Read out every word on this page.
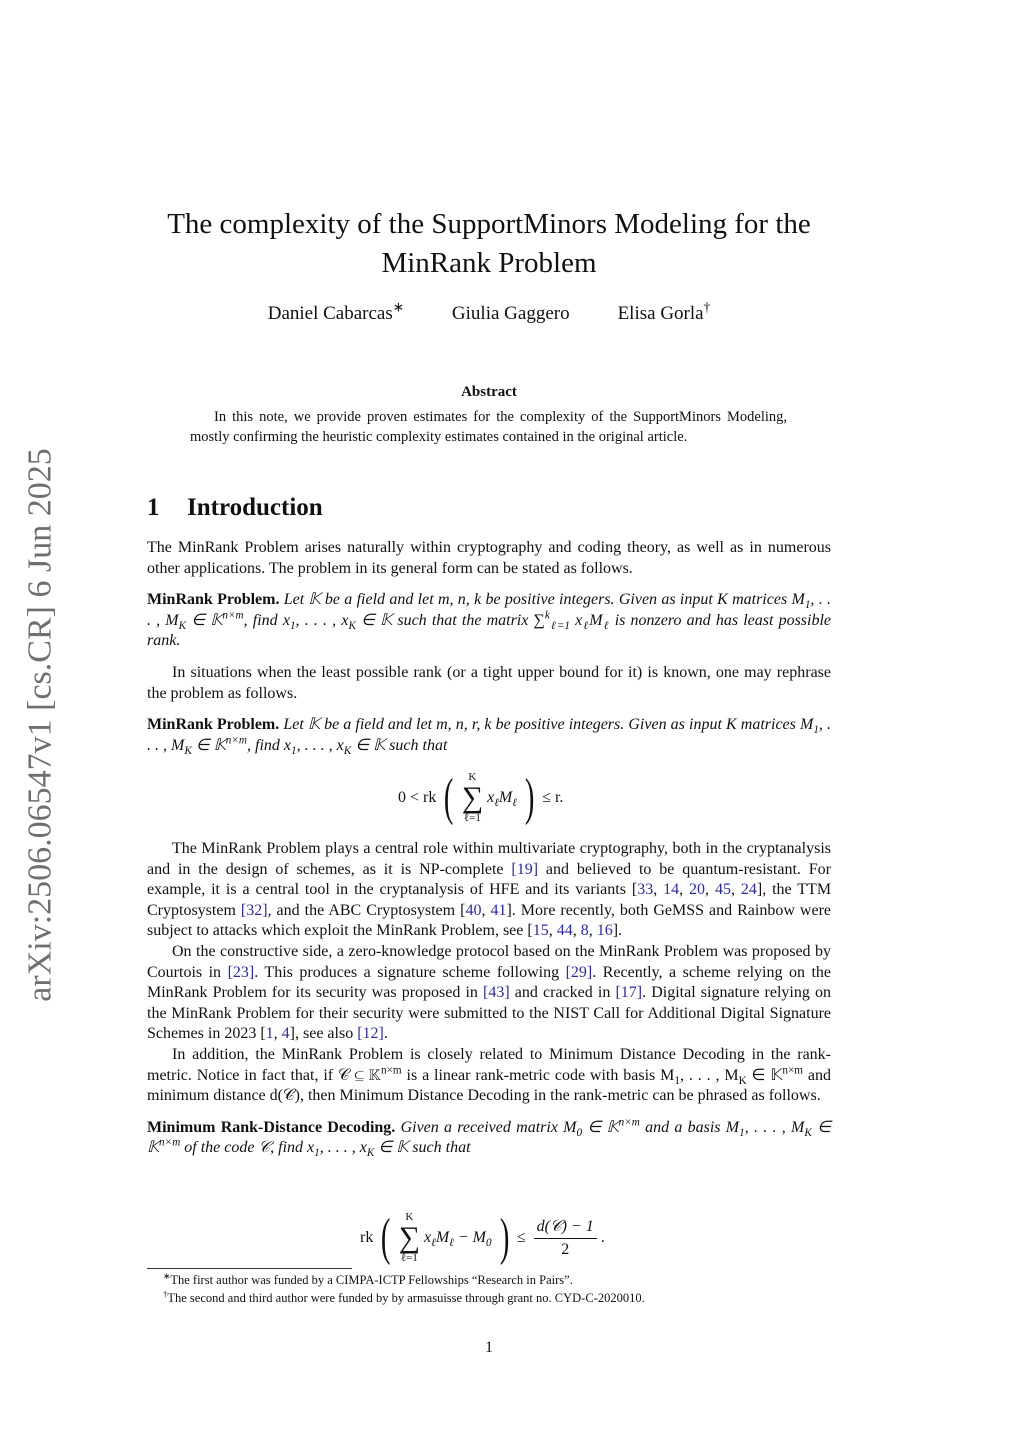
arXiv:2506.06547v1 [cs.CR] 6 Jun 2025
The complexity of the SupportMinors Modeling for the MinRank Problem
Daniel Cabarcas∗	Giulia Gaggero	Elisa Gorla†
Abstract
In this note, we provide proven estimates for the complexity of the SupportMinors Modeling, mostly confirming the heuristic complexity estimates contained in the original article.
1 Introduction

The MinRank Problem arises naturally within cryptography and coding theory, as well as in numerous other applications. The problem in its general form can be stated as follows.

MinRank Problem. Let 𝕂 be a field and let m, n, k be positive integers. Given as input K matrices $M_1$, . . . , $M_K$ ∈ 𝕂$^{n\times m}$, find $x_1$, . . . , $x_K$ ∈ 𝕂 such that the matrix ∑$^k_{\ell=1}$ $x_\ell M_\ell$ is nonzero and has least possible rank.

In situations when the least possible rank (or a tight upper bound for it) is known, one may rephrase the problem as follows.

MinRank Problem. Let 𝕂 be a field and let m, n, r, k be positive integers. Given as input K matrices $M_1$, . . . , $M_K$ ∈ 𝕂$^{n\times m}$, find $x_1$, . . . , $x_K$ ∈ 𝕂 such that

0 < rk ( K
∑
ℓ=1
$x_\ell M_\ell$ ) ≤ r.

The MinRank Problem plays a central role within multivariate cryptography, both in the cryptanalysis and in the design of schemes, as it is NP-complete [19] and believed to be quantum-resistant. For example, it is a central tool in the cryptanalysis of HFE and its variants [33, 14, 20, 45, 24], the TTM Cryptosystem [32], and the ABC Cryptosystem [40, 41]. More recently, both GeMSS and Rainbow were subject to attacks which exploit the MinRank Problem, see [15, 44, 8, 16].

On the constructive side, a zero-knowledge protocol based on the MinRank Problem was proposed by Courtois in [23]. This produces a signature scheme following [29]. Recently, a scheme relying on the MinRank Problem for its security was proposed in [43] and cracked in [17]. Digital signature relying on the MinRank Problem for their security were submitted to the NIST Call for Additional Digital Signature Schemes in 2023 [1, 4], see also [12].

In addition, the MinRank Problem is closely related to Minimum Distance Decoding in the rank-metric. Notice in fact that, if 𝒞 ⊆ 𝕂$^{n\times m}$ is a linear rank-metric code with basis $M_1$, . . . , $M_K$ ∈ 𝕂$^{n\times m}$ and minimum distance d(𝒞), then Minimum Distance Decoding in the rank-metric can be phrased as follows.

Minimum Rank-Distance Decoding. Given a received matrix $M_0$ ∈ 𝕂$^{n\times m}$ and a basis $M_1$, . . . , $M_K$ ∈ 𝕂$^{n\times m}$ of the code 𝒞, find $x_1$, . . . , $x_K$ ∈ 𝕂 such that

rk ( K
∑
ℓ=1
$x_\ell M_\ell - M_0$ ) ≤
d(𝒞) − 1
2
.
∗The first author was funded by a CIMPA-ICTP Fellowships “Research in Pairs”.
†The second and third author were funded by by armasuisse through grant no. CYD-C-2020010.
1
